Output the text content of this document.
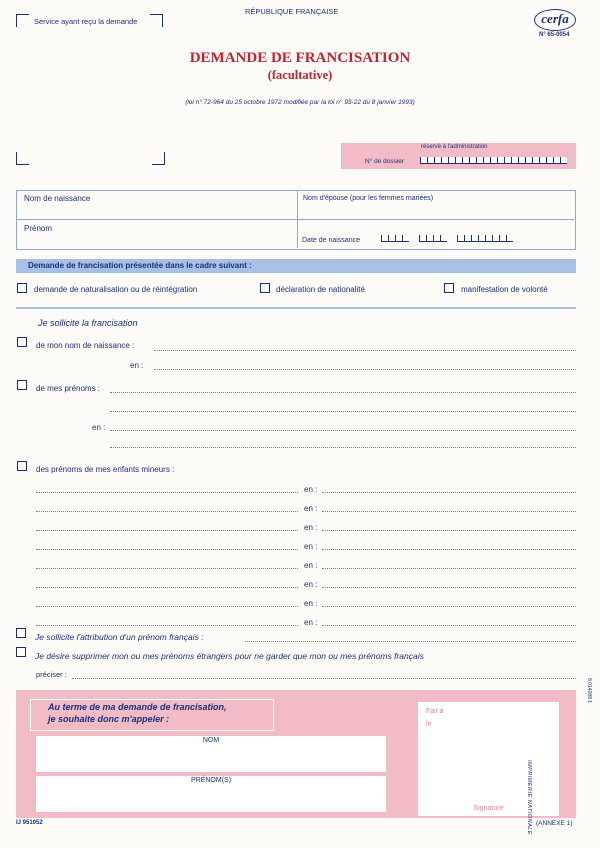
Service ayant reçu la demande
RÉPUBLIQUE FRANÇAISE	cerfa
N° 65-0054
DEMANDE DE FRANCISATION
(facultative)
(loi n° 72-964 du 25 octobre 1972 modifiée par la loi n° 93-22 du 8 janvier 1993)
réservé à l'administration
N° de dossier
Nom de naissance	Nom d'épouse (pour les femmes mariées)
Prénom
Date de naissance
Demande de francisation présentée dans le cadre suivant :
demande de naturalisation ou de réintégration	déclaration de nationalité	manifestation de volonté
Je sollicite la francisation
de mon nom de naissance :
en :
de mes prénoms :
en :
des prénoms de mes enfants mineurs :
en :
en :
en :
en :
en :
en :
en :
en :
Je sollicite l'attribution d'un prénom français :
Je désire supprimer mon ou mes prénoms étrangers pour ne garder que mon ou mes prénoms français
préciser :
Au terme de ma demande de francisation,
je souhaite donc m'appeler :
NOM
PRÉNOM(S)
Fait à
le
Signature
IJ 951052	(ANNEXE 1)
IMPRIMERIE NATIONALE
8 014088 1
